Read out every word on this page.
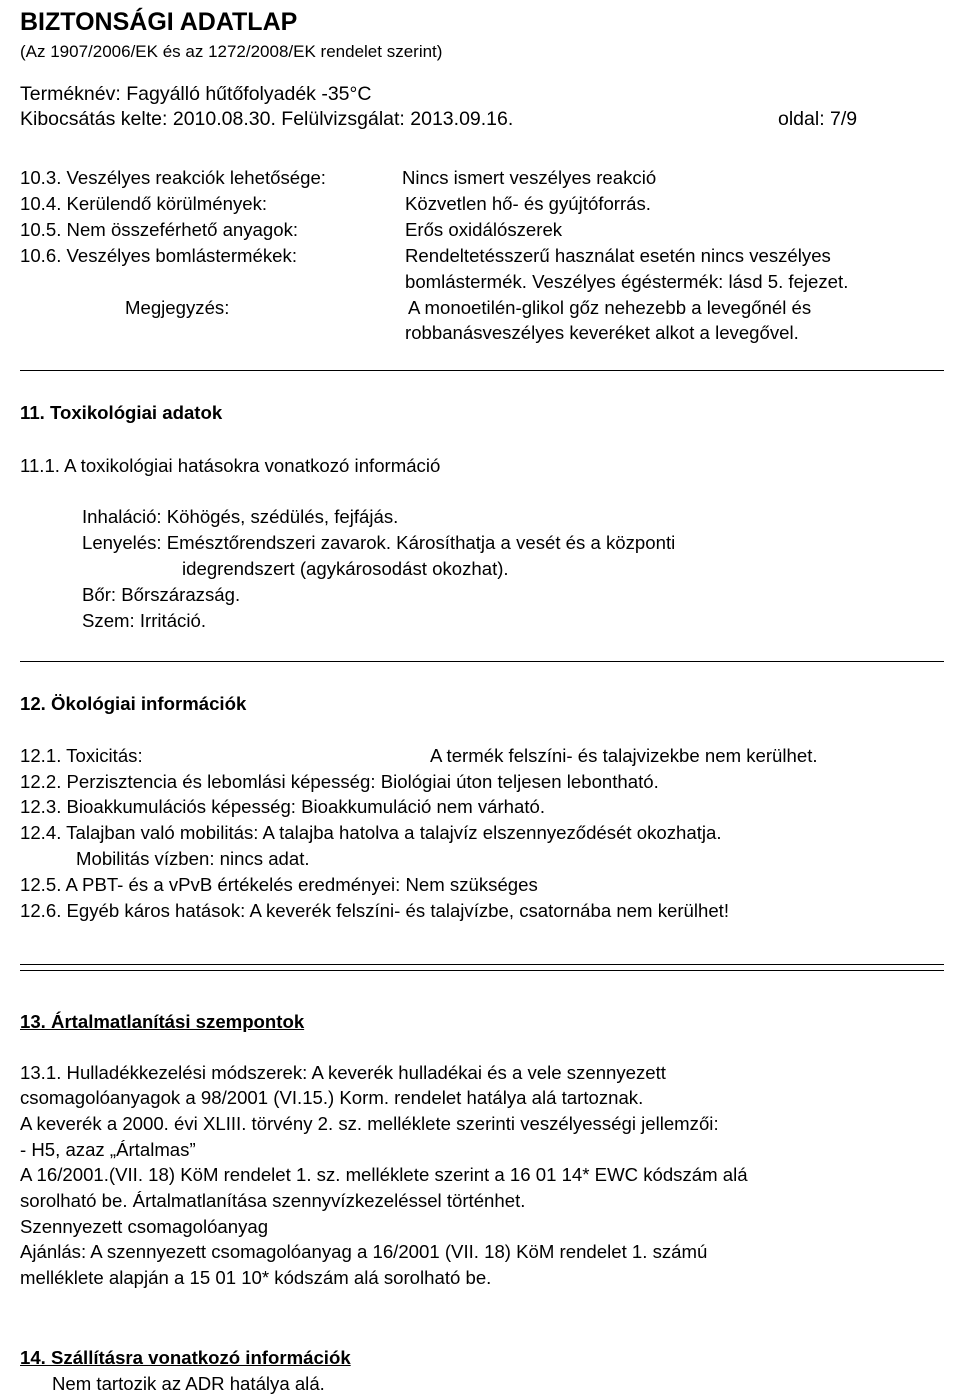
BIZTONSÁGI ADATLAP
(Az 1907/2006/EK és az 1272/2008/EK rendelet szerint)
Terméknév: Fagyálló hűtőfolyadék -35°C
Kibocsátás kelte: 2010.08.30. Felülvizsgálat: 2013.09.16.	oldal: 7/9
10.3. Veszélyes reakciók lehetősége:	Nincs ismert veszélyes reakció
10.4. Kerülendő körülmények:	Közvetlen hő- és gyújtóforrás.
10.5. Nem összeférhető anyagok:	Erős oxidálószerek
10.6. Veszélyes bomlástermékek:	Rendeltetésszerű használat esetén nincs veszélyes
bomlástermék. Veszélyes égéstermék: lásd 5. fejezet.
Megjegyzés:	A monoetilén-glikol gőz nehezebb a levegőnél és
robbanásveszélyes keveréket alkot a levegővel.
11. Toxikológiai adatok
11.1. A toxikológiai hatásokra vonatkozó információ
Inhaláció: Köhögés, szédülés, fejfájás.
Lenyelés: Emésztőrendszeri zavarok. Károsíthatja a vesét és a központi
idegrendszert (agykárosodást okozhat).
Bőr: Bőrszárazság.
Szem: Irritáció.
12. Ökológiai információk
12.1. Toxicitás:	A termék felszíni- és talajvizekbe nem kerülhet.
12.2. Perzisztencia és lebomlási képesség: Biológiai úton teljesen lebontható.
12.3. Bioakkumulációs képesség: Bioakkumuláció nem várható.
12.4. Talajban való mobilitás: A talajba hatolva a talajvíz elszennyeződését okozhatja.
Mobilitás vízben: nincs adat.
12.5. A PBT- és a vPvB értékelés eredményei: Nem szükséges
12.6. Egyéb káros hatások: A keverék felszíni- és talajvízbe, csatornába nem kerülhet!
13. Ártalmatlanítási szempontok
13.1. Hulladékkezelési módszerek: A keverék hulladékai és a vele szennyezett
csomagolóanyagok a 98/2001 (VI.15.) Korm. rendelet hatálya alá tartoznak.
A keverék a 2000. évi XLIII. törvény 2. sz. melléklete szerinti veszélyességi jellemzői:
- H5, azaz „Ártalmas”
A 16/2001.(VII. 18) KöM rendelet 1. sz. melléklete szerint a 16 01 14* EWC kódszám alá
sorolható be. Ártalmatlanítása szennyvízkezeléssel történhet.
Szennyezett csomagolóanyag
Ajánlás: A szennyezett csomagolóanyag a 16/2001 (VII. 18) KöM rendelet 1. számú
melléklete alapján a 15 01 10* kódszám alá sorolható be.
14. Szállításra vonatkozó információk
Nem tartozik az ADR hatálya alá.
